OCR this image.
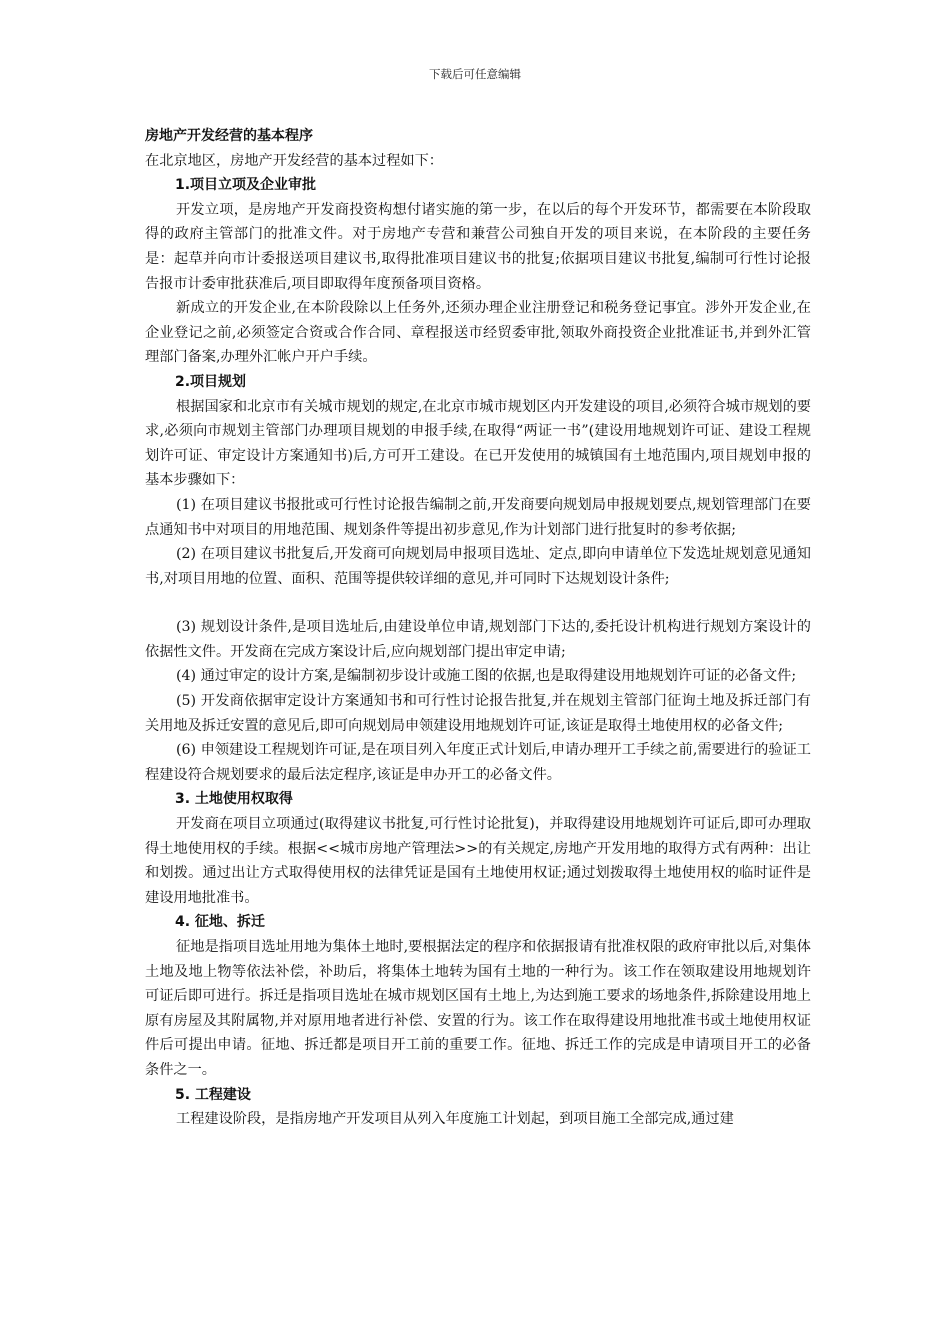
下载后可任意编辑

房地产开发经营的基本程序

在北京地区，房地产开发经营的基本过程如下：

1.项目立项及企业审批

开发立项，是房地产开发商投资构想付诸实施的第一步，在以后的每个开发环节，都需要在本阶段取得的政府主管部门的批准文件。对于房地产专营和兼营公司独自开发的项目来说，在本阶段的主要任务是：起草并向市计委报送项目建议书,取得批准项目建议书的批复;依据项目建议书批复,编制可行性讨论报告报市计委审批获准后,项目即取得年度预备项目资格。

新成立的开发企业,在本阶段除以上任务外,还须办理企业注册登记和税务登记事宜。涉外开发企业,在企业登记之前,必须签定合资或合作合同、章程报送市经贸委审批,领取外商投资企业批准证书,并到外汇管理部门备案,办理外汇帐户开户手续。

2.项目规划

根据国家和北京市有关城市规划的规定,在北京市城市规划区内开发建设的项目,必须符合城市规划的要求,必须向市规划主管部门办理项目规划的申报手续,在取得“两证一书”(建设用地规划许可证、建设工程规划许可证、审定设计方案通知书)后,方可开工建设。在已开发使用的城镇国有土地范围内,项目规划申报的基本步骤如下：

(1) 在项目建议书报批或可行性讨论报告编制之前,开发商要向规划局申报规划要点,规划管理部门在要点通知书中对项目的用地范围、规划条件等提出初步意见,作为计划部门进行批复时的参考依据;

(2) 在项目建议书批复后,开发商可向规划局申报项目选址、定点,即向申请单位下发选址规划意见通知书,对项目用地的位置、面积、范围等提供较详细的意见,并可同时下达规划设计条件;

(3) 规划设计条件,是项目选址后,由建设单位申请,规划部门下达的,委托设计机构进行规划方案设计的依据性文件。开发商在完成方案设计后,应向规划部门提出审定申请;

(4) 通过审定的设计方案,是编制初步设计或施工图的依据,也是取得建设用地规划许可证的必备文件;

(5) 开发商依据审定设计方案通知书和可行性讨论报告批复,并在规划主管部门征询土地及拆迁部门有关用地及拆迁安置的意见后,即可向规划局申领建设用地规划许可证,该证是取得土地使用权的必备文件;

(6) 申领建设工程规划许可证,是在项目列入年度正式计划后,申请办理开工手续之前,需要进行的验证工程建设符合规划要求的最后法定程序,该证是申办开工的必备文件。

3. 土地使用权取得

开发商在项目立项通过(取得建议书批复,可行性讨论批复)，并取得建设用地规划许可证后,即可办理取得土地使用权的手续。根据<<城市房地产管理法>>的有关规定,房地产开发用地的取得方式有两种：出让和划拨。通过出让方式取得使用权的法律凭证是国有土地使用权证;通过划拨取得土地使用权的临时证件是建设用地批准书。

4. 征地、拆迁

征地是指项目选址用地为集体土地时,要根据法定的程序和依据报请有批准权限的政府审批以后,对集体土地及地上物等依法补偿，补助后，将集体土地转为国有土地的一种行为。该工作在领取建设用地规划许可证后即可进行。拆迁是指项目选址在城市规划区国有土地上,为达到施工要求的场地条件,拆除建设用地上原有房屋及其附属物,并对原用地者进行补偿、安置的行为。该工作在取得建设用地批准书或土地使用权证件后可提出申请。征地、拆迁都是项目开工前的重要工作。征地、拆迁工作的完成是申请项目开工的必备条件之一。

5. 工程建设

工程建设阶段，是指房地产开发项目从列入年度施工计划起，到项目施工全部完成,通过建
